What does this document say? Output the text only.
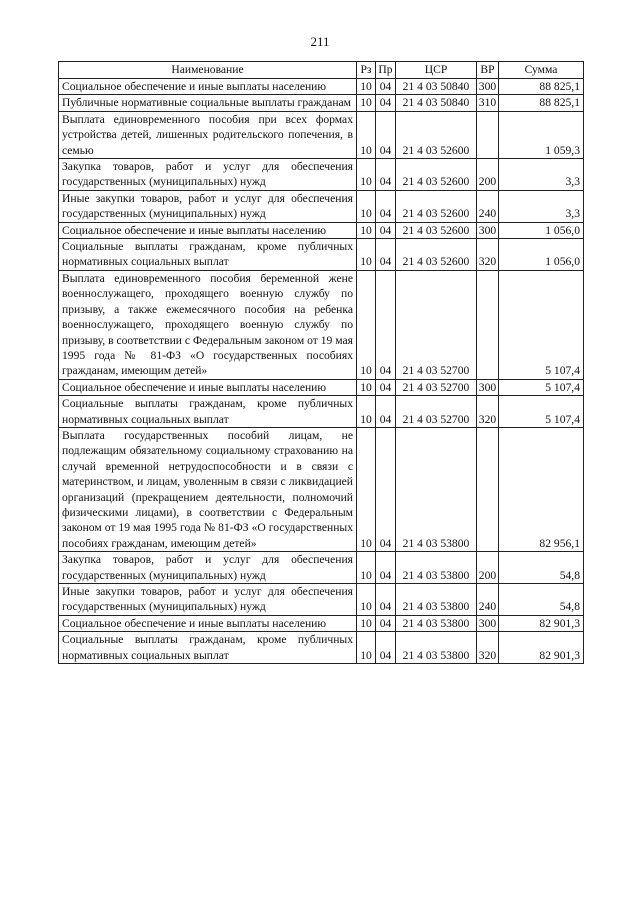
211
Наименование	Рз	Пр	ЦСР	ВР	Сумма
Социальное обеспечение и иные выплаты населению	10	04	21 4 03 50840	300	88 825,1
Публичные нормативные социальные выплаты гражданам	10	04	21 4 03 50840	310	88 825,1
Выплата единовременного пособия при всех формах устройства детей, лишенных родительского попечения, в семью	10	04	21 4 03 52600		1 059,3
Закупка товаров, работ и услуг для обеспечения государственных (муниципальных) нужд	10	04	21 4 03 52600	200	3,3
Иные закупки товаров, работ и услуг для обеспечения государственных (муниципальных) нужд	10	04	21 4 03 52600	240	3,3
Социальное обеспечение и иные выплаты населению	10	04	21 4 03 52600	300	1 056,0
Социальные выплаты гражданам, кроме публичных нормативных социальных выплат	10	04	21 4 03 52600	320	1 056,0
Выплата единовременного пособия беременной жене военнослужащего, проходящего военную службу по призыву, а также ежемесячного пособия на ребенка военнослужащего, проходящего военную службу по призыву, в соответствии с Федеральным законом от 19 мая 1995 года № 81-ФЗ «О государственных пособиях гражданам, имеющим детей»	10	04	21 4 03 52700		5 107,4
Социальное обеспечение и иные выплаты населению	10	04	21 4 03 52700	300	5 107,4
Социальные выплаты гражданам, кроме публичных нормативных социальных выплат	10	04	21 4 03 52700	320	5 107,4
Выплата государственных пособий лицам, не подлежащим обязательному социальному страхованию на случай временной нетрудоспособности и в связи с материнством, и лицам, уволенным в связи с ликвидацией организаций (прекращением деятельности, полномочий физическими лицами), в соответствии с Федеральным законом от 19 мая 1995 года № 81-ФЗ «О государственных пособиях гражданам, имеющим детей»	10	04	21 4 03 53800		82 956,1
Закупка товаров, работ и услуг для обеспечения государственных (муниципальных) нужд	10	04	21 4 03 53800	200	54,8
Иные закупки товаров, работ и услуг для обеспечения государственных (муниципальных) нужд	10	04	21 4 03 53800	240	54,8
Социальное обеспечение и иные выплаты населению	10	04	21 4 03 53800	300	82 901,3
Социальные выплаты гражданам, кроме публичных нормативных социальных выплат	10	04	21 4 03 53800	320	82 901,3
